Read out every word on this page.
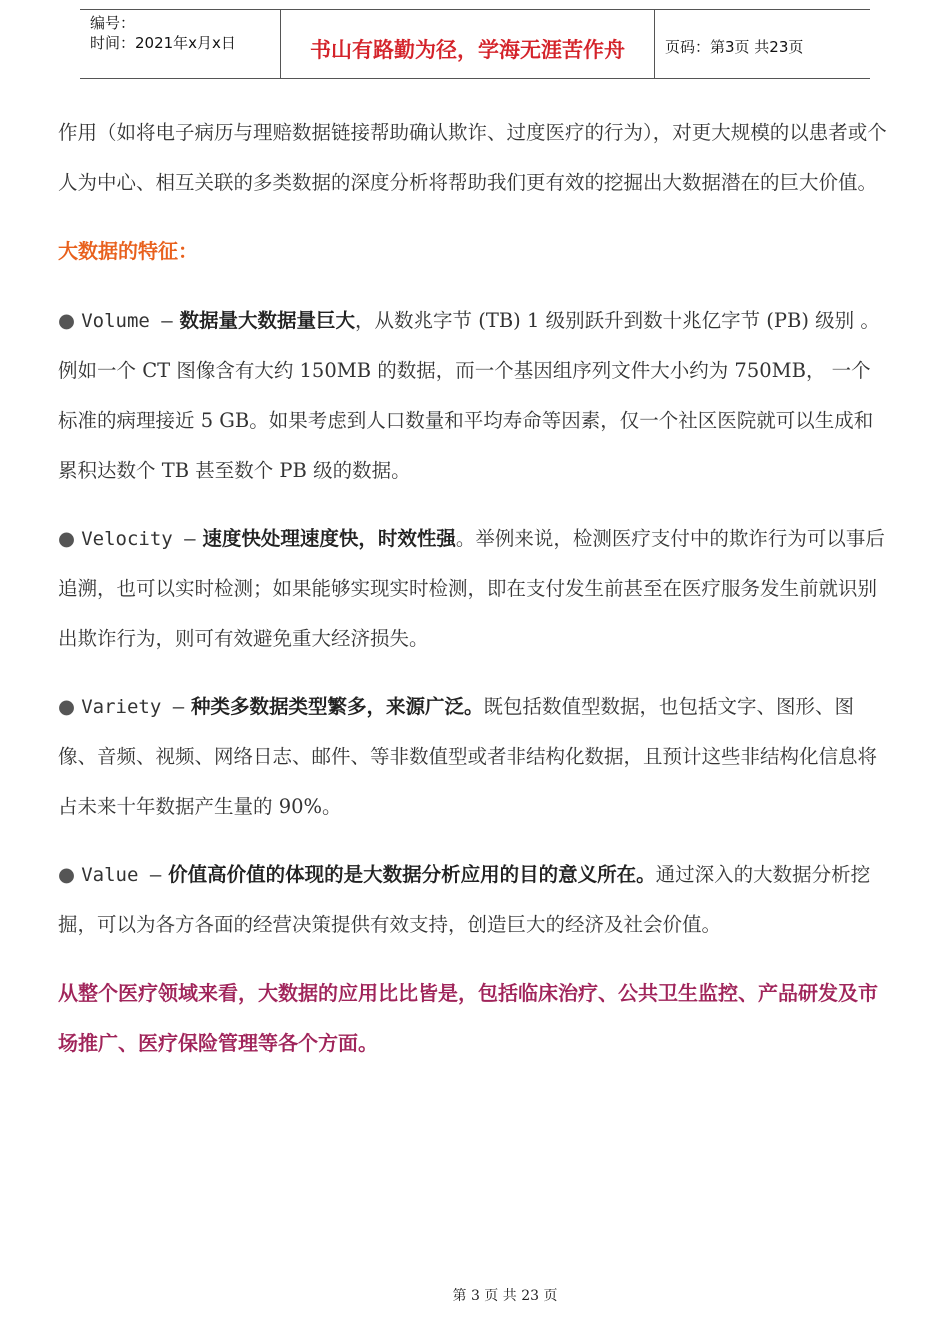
编号：
时间：2021年x月x日	书山有路勤为径，学海无涯苦作舟	页码：第3页 共23页

作用（如将电子病历与理赔数据链接帮助确认欺诈、过度医疗的行为），对更大规模的以患者或个人为中心、相互关联的多类数据的深度分析将帮助我们更有效的挖掘出大数据潜在的巨大价值。

大数据的特征：

● Volume — 数据量大数据量巨大，从数兆字节 (TB) 1 级别跃升到数十兆亿字节 (PB) 级别 。例如一个 CT 图像含有大约 150MB 的数据，而一个基因组序列文件大小约为 750MB， 一个标准的病理接近 5 GB。如果考虑到人口数量和平均寿命等因素，仅一个社区医院就可以生成和累积达数个 TB 甚至数个 PB 级的数据。

● Velocity — 速度快处理速度快，时效性强。举例来说，检测医疗支付中的欺诈行为可以事后追溯，也可以实时检测；如果能够实现实时检测，即在支付发生前甚至在医疗服务发生前就识别出欺诈行为，则可有效避免重大经济损失。

● Variety — 种类多数据类型繁多，来源广泛。既包括数值型数据，也包括文字、图形、图像、音频、视频、网络日志、邮件、等非数值型或者非结构化数据，且预计这些非结构化信息将占未来十年数据产生量的 90%。

● Value — 价值高价值的体现的是大数据分析应用的目的意义所在。通过深入的大数据分析挖掘，可以为各方各面的经营决策提供有效支持，创造巨大的经济及社会价值。

从整个医疗领域来看，大数据的应用比比皆是，包括临床治疗、公共卫生监控、产品研发及市场推广、医疗保险管理等各个方面。

第 3 页 共 23 页
